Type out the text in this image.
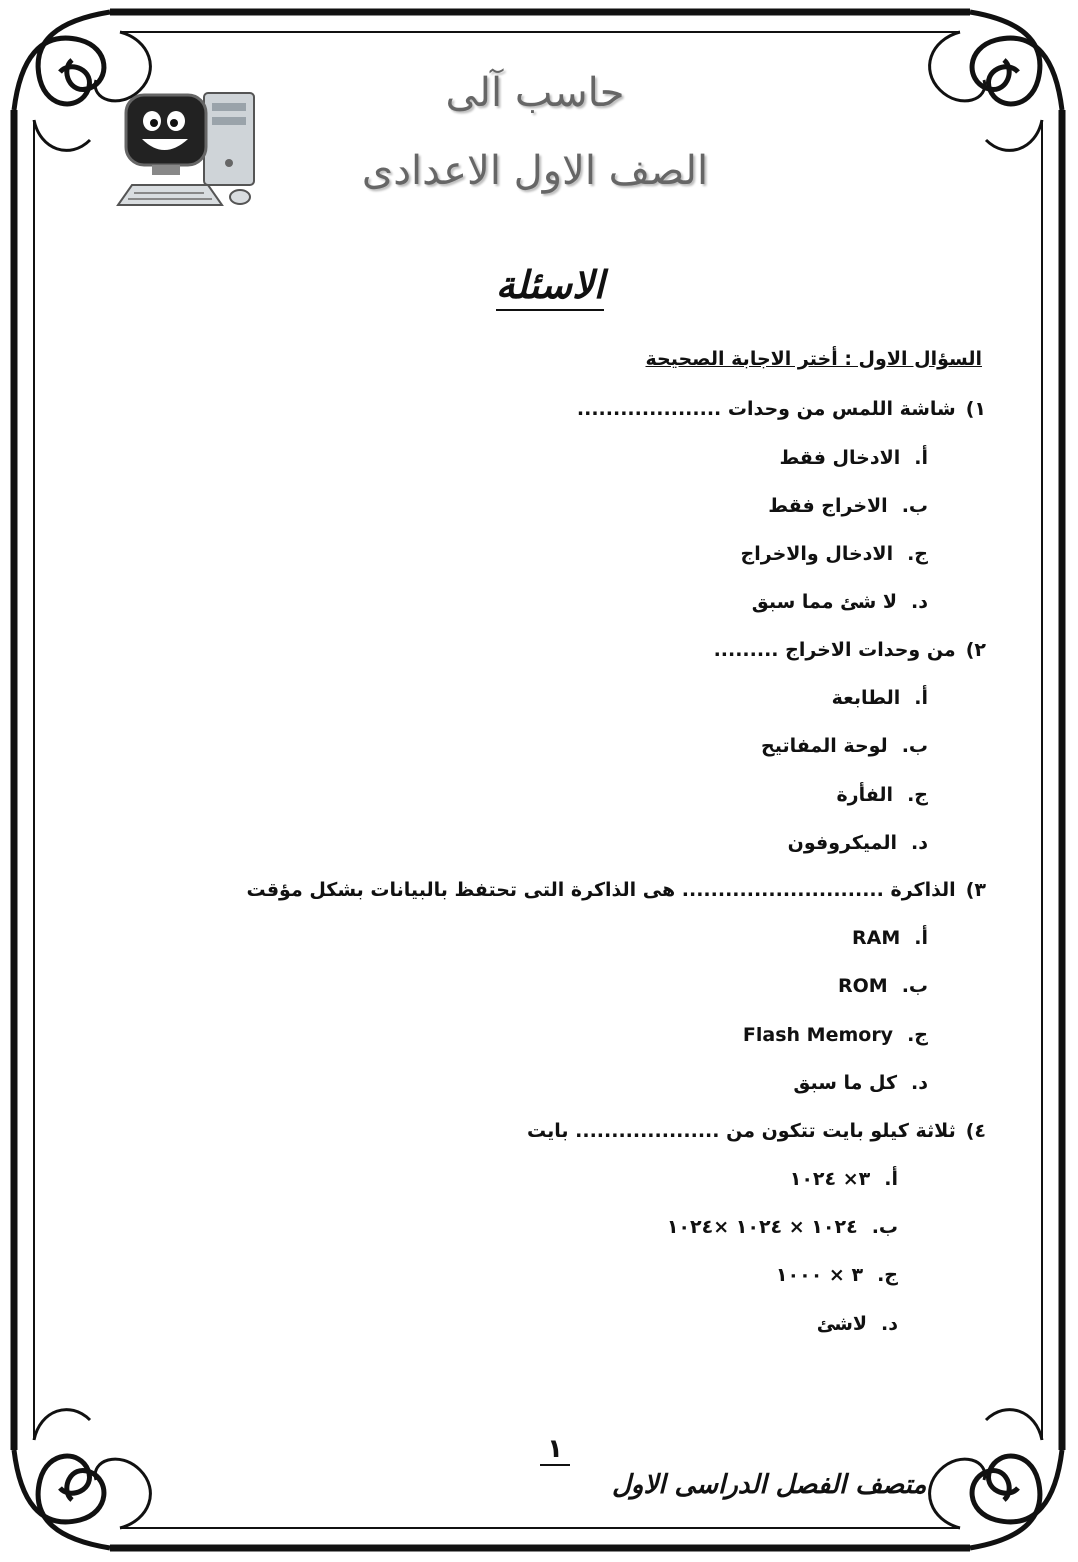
حاسب آلى
الصف الاول الاعدادى
الاسئلة
السؤال الاول : أختر الاجابة الصحيحة
١)شاشة اللمس من وحدات ....................
أ.الادخال فقط
ب.الاخراج فقط
ج.الادخال والاخراج
د.لا شئ مما سبق
٢)من وحدات الاخراج .........
أ.الطابعة
ب.لوحة المفاتيح
ج.الفأرة
د.الميكروفون
٣)الذاكرة ............................ هى الذاكرة التى تحتفظ بالبيانات بشكل مؤقت
أ.RAM
ب.ROM
ج.Flash Memory
د.كل ما سبق
٤)ثلاثة كيلو بايت تتكون من .................... بايت
أ.٣× ١٠٢٤
ب.١٠٢٤ × ١٠٢٤ ×١٠٢٤
ج.٣ × ١٠٠٠
د.لاشئ
١
متصف الفصل الدراسى الاول
